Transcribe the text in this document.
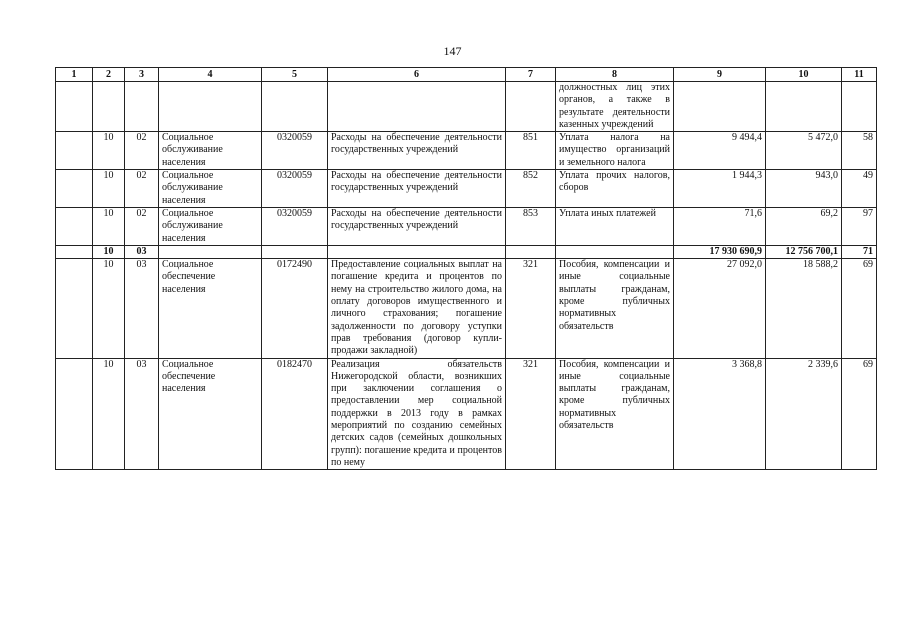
147
1	2	3	4	5	6	7	8	9	10	11
							должностных лиц этих органов, а также в результате деятельности казенных учреждений			
	10	02	Социальное обслуживание населения	0320059	Расходы на обеспечение деятельности государственных учреждений	851	Уплата налога на имущество организаций и земельного налога	9 494,4	5 472,0	58
	10	02	Социальное обслуживание населения	0320059	Расходы на обеспечение деятельности государственных учреждений	852	Уплата прочих налогов, сборов	1 944,3	943,0	49
	10	02	Социальное обслуживание населения	0320059	Расходы на обеспечение деятельности государственных учреждений	853	Уплата иных платежей	71,6	69,2	97
	10	03						17 930 690,9	12 756 700,1	71
	10	03	Социальное обеспечение населения	0172490	Предоставление социальных выплат на погашение кредита и процентов по нему на строительство жилого дома, на оплату договоров имущественного и личного страхования; погашение задолженности по договору уступки прав требования (договор купли-продажи закладной)	321	Пособия, компенсации и иные социальные выплаты гражданам, кроме публичных нормативных обязательств	27 092,0	18 588,2	69
	10	03	Социальное обеспечение населения	0182470	Реализация обязательств Нижегородской области, возникших при заключении соглашения о предоставлении мер социальной поддержки в 2013 году в рамках мероприятий по созданию семейных детских садов (семейных дошкольных групп): погашение кредита и процентов по нему	321	Пособия, компенсации и иные социальные выплаты гражданам, кроме публичных нормативных обязательств	3 368,8	2 339,6	69
